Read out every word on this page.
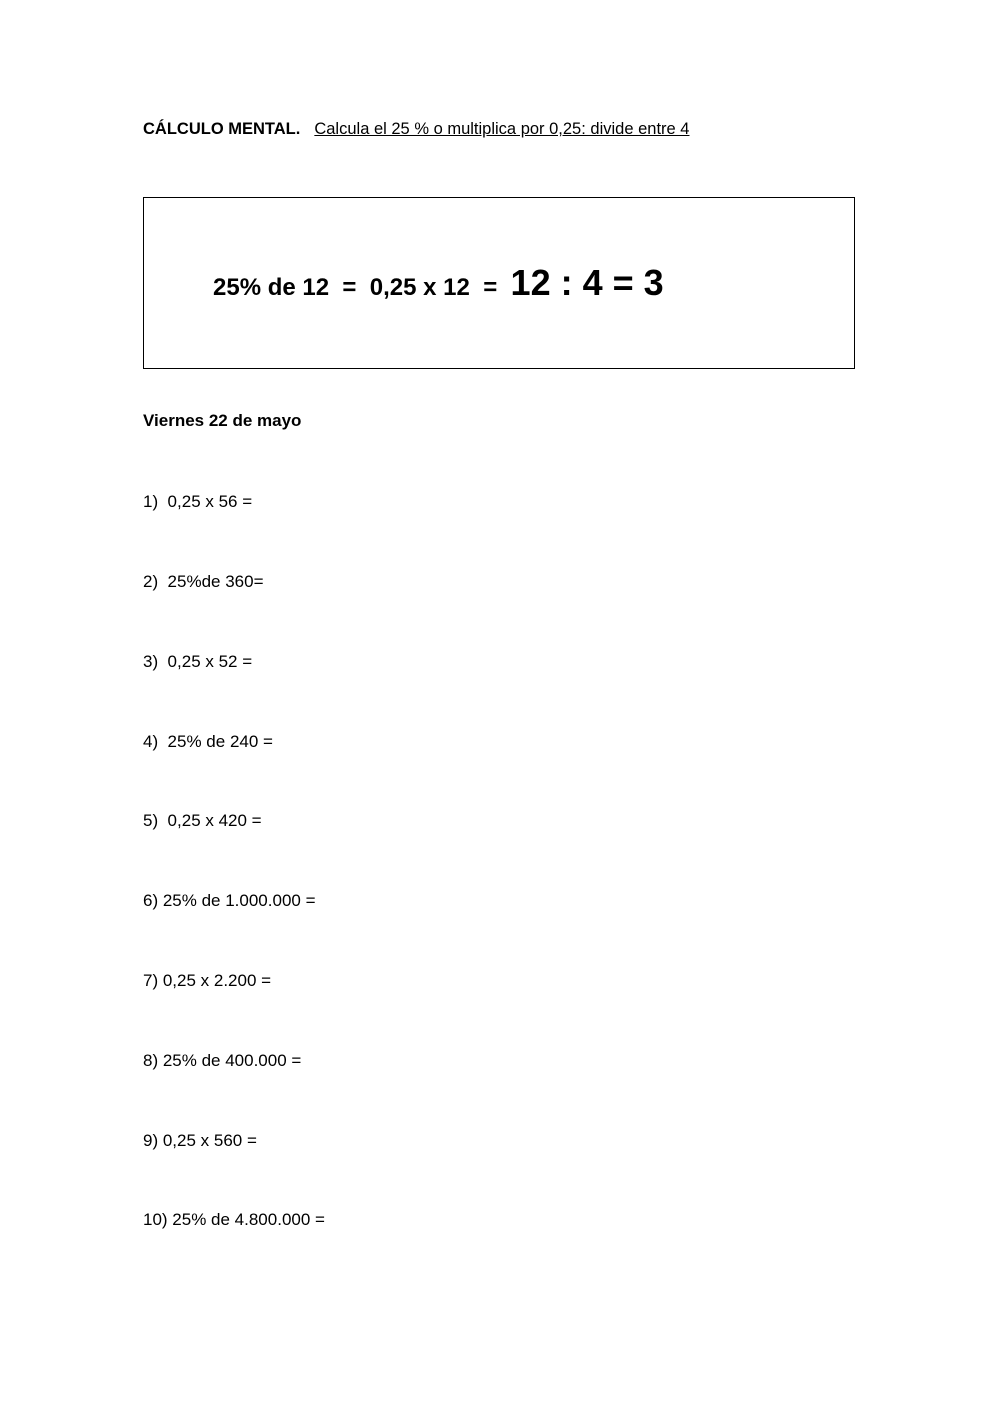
CÁLCULO MENTAL. Calcula el 25 % o multiplica por 0,25: divide entre 4
25% de 12  =  0,25 x 12  = 12 : 4 = 3
Viernes 22 de mayo
1)  0,25 x 56 =
2)  25%de 360=
3)  0,25 x 52 =
4)  25% de 240 =
5)  0,25 x 420 =
6) 25% de 1.000.000 =
7) 0,25 x 2.200 =
8) 25% de 400.000 =
9) 0,25 x 560 =
10) 25% de 4.800.000 =
